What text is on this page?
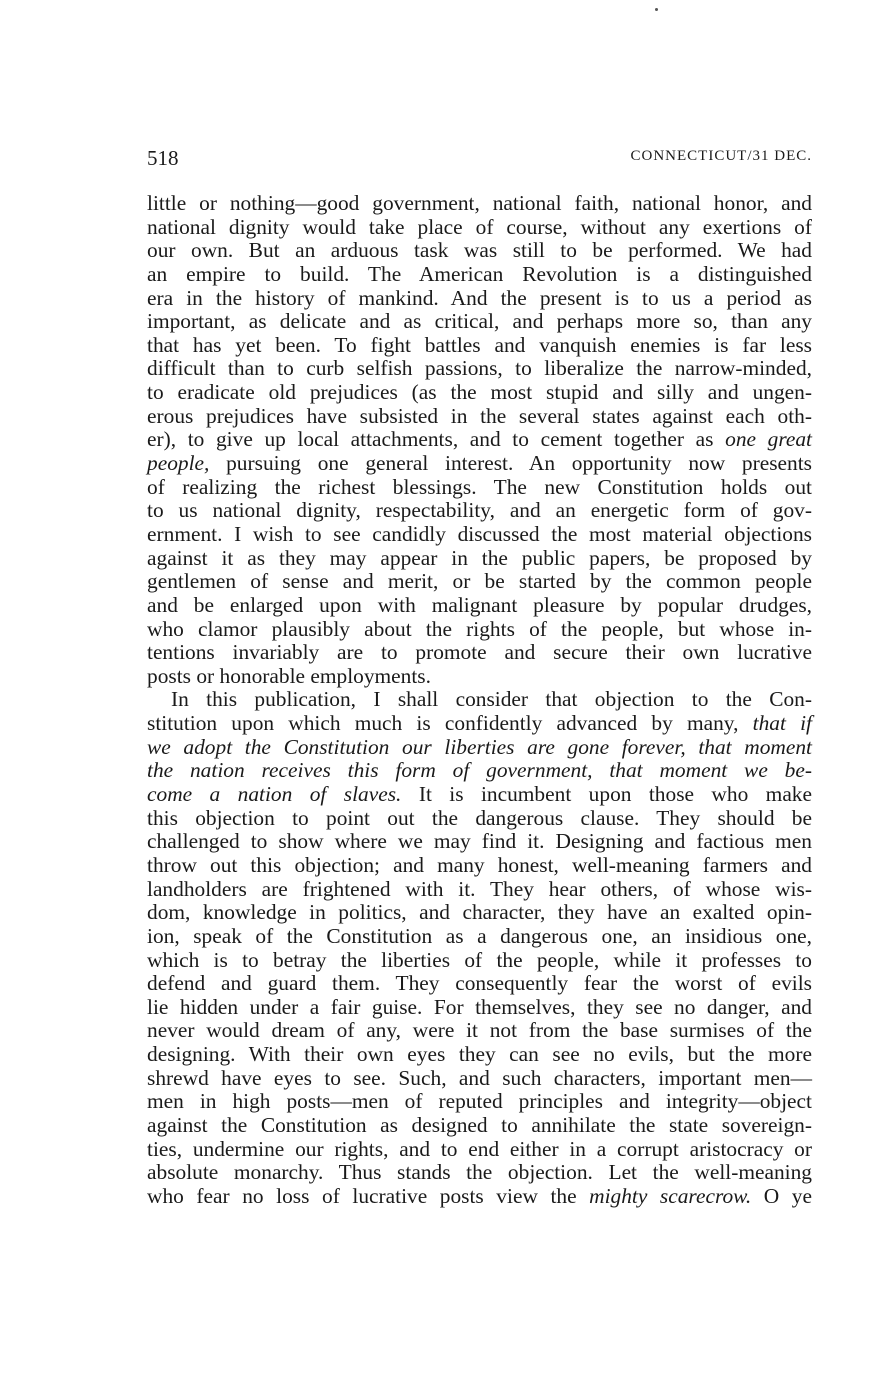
518	CONNECTICUT/31 DEC.
little or nothing—good government, national faith, national honor, and
national dignity would take place of course, without any exertions of
our own. But an arduous task was still to be performed. We had
an empire to build. The American Revolution is a distinguished
era in the history of mankind. And the present is to us a period as
important, as delicate and as critical, and perhaps more so, than any
that has yet been. To fight battles and vanquish enemies is far less
difficult than to curb selfish passions, to liberalize the narrow-minded,
to eradicate old prejudices (as the most stupid and silly and ungen-
erous prejudices have subsisted in the several states against each oth-
er), to give up local attachments, and to cement together as one great
people, pursuing one general interest. An opportunity now presents
of realizing the richest blessings. The new Constitution holds out
to us national dignity, respectability, and an energetic form of gov-
ernment. I wish to see candidly discussed the most material objections
against it as they may appear in the public papers, be proposed by
gentlemen of sense and merit, or be started by the common people
and be enlarged upon with malignant pleasure by popular drudges,
who clamor plausibly about the rights of the people, but whose in-
tentions invariably are to promote and secure their own lucrative
posts or honorable employments.
In this publication, I shall consider that objection to the Con-
stitution upon which much is confidently advanced by many, that if
we adopt the Constitution our liberties are gone forever, that moment
the nation receives this form of government, that moment we be-
come a nation of slaves. It is incumbent upon those who make
this objection to point out the dangerous clause. They should be
challenged to show where we may find it. Designing and factious men
throw out this objection; and many honest, well-meaning farmers and
landholders are frightened with it. They hear others, of whose wis-
dom, knowledge in politics, and character, they have an exalted opin-
ion, speak of the Constitution as a dangerous one, an insidious one,
which is to betray the liberties of the people, while it professes to
defend and guard them. They consequently fear the worst of evils
lie hidden under a fair guise. For themselves, they see no danger, and
never would dream of any, were it not from the base surmises of the
designing. With their own eyes they can see no evils, but the more
shrewd have eyes to see. Such, and such characters, important men—
men in high posts—men of reputed principles and integrity—object
against the Constitution as designed to annihilate the state sovereign-
ties, undermine our rights, and to end either in a corrupt aristocracy or
absolute monarchy. Thus stands the objection. Let the well-meaning
who fear no loss of lucrative posts view the mighty scarecrow. O ye
